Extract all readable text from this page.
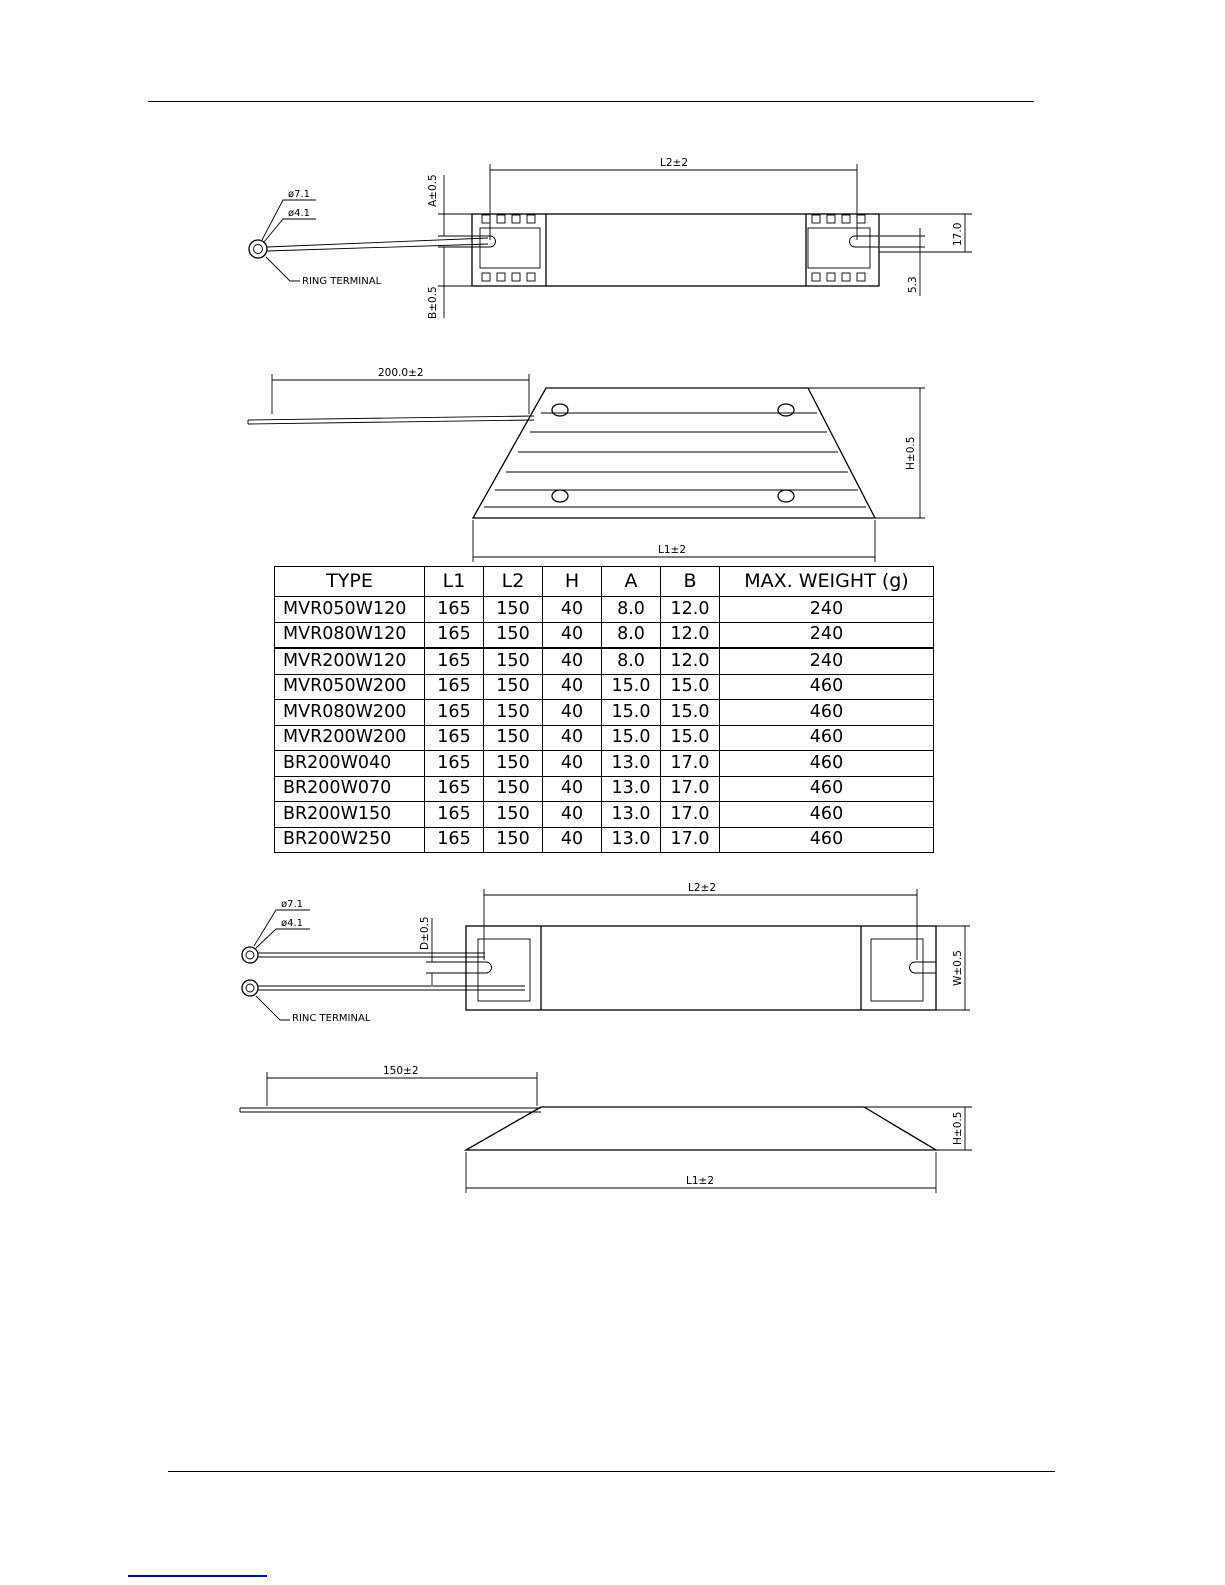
ø7.1
ø4.1
RING TERMINAL
L2±2
A±0.5
B±0.5
17.0
5.3
200.0±2
H±0.5
L1±2
TYPE	L1	L2	H	A	B	MAX. WEIGHT (g)
MVR050W120	165	150	40	8.0	12.0	240
MVR080W120	165	150	40	8.0	12.0	240
MVR200W120	165	150	40	8.0	12.0	240
MVR050W200	165	150	40	15.0	15.0	460
MVR080W200	165	150	40	15.0	15.0	460
MVR200W200	165	150	40	15.0	15.0	460
BR200W040	165	150	40	13.0	17.0	460
BR200W070	165	150	40	13.0	17.0	460
BR200W150	165	150	40	13.0	17.0	460
BR200W250	165	150	40	13.0	17.0	460
ø7.1
ø4.1
RINC TERMINAL
L2±2
D±0.5
W±0.5
150±2
H±0.5
L1±2
